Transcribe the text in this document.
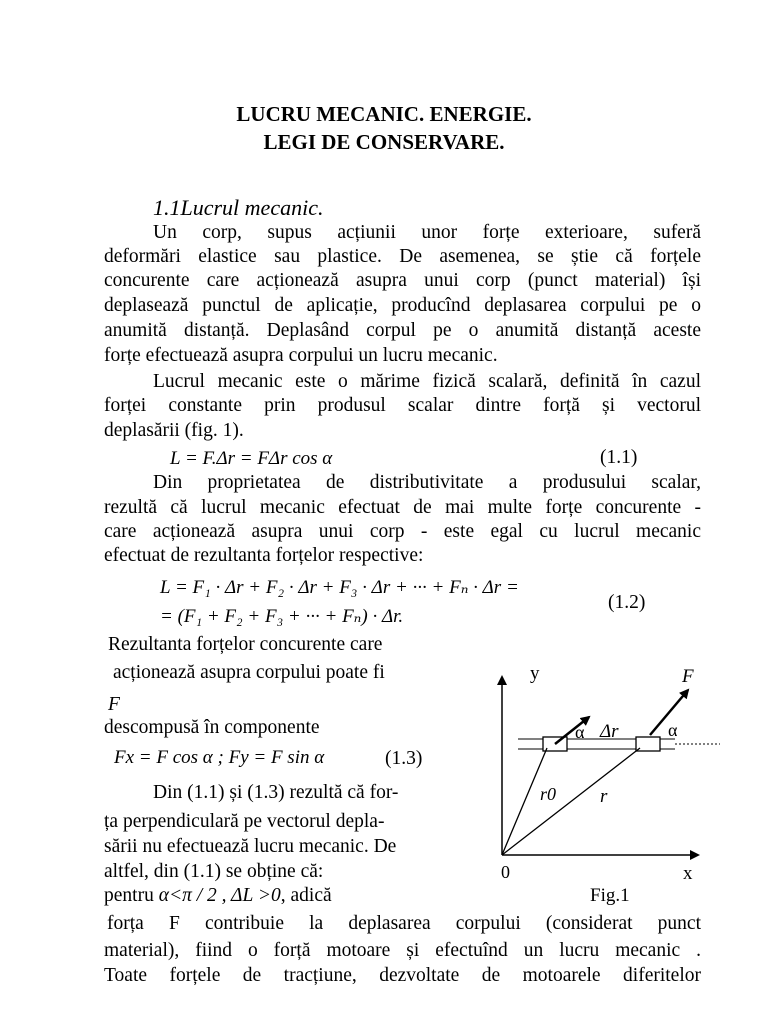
LUCRU MECANIC. ENERGIE.
LEGI DE CONSERVARE.
1.1Lucrul mecanic.
Un corp, supus acțiunii unor forțe exterioare, suferă
deformări elastice sau plastice. De asemenea, se știe că forțele
concurente care acționează asupra unui corp (punct material) își
deplasează punctul de aplicație, producînd deplasarea corpului pe o
anumită distanță. Deplasând corpul pe o anumită distanță aceste
forțe efectuează asupra corpului un lucru mecanic.
Lucrul mecanic este o mărime fizică scalară, definită în cazul
forței constante prin produsul scalar dintre forță și vectorul
deplasării (fig. 1).
L = F.Δr = FΔr cos α	(1.1)
Din proprietatea de distributivitate a produsului scalar,
rezultă că lucrul mecanic efectuat de mai multe forțe concurente -
care acționează asupra unui corp - este egal cu lucrul mecanic
efectuat de rezultanta forțelor respective:
L = F₁ · Δr + F₂ · Δr + F₃ · Δr + ··· + Fₙ · Δr =
= (F₁ + F₂ + F₃ + ··· + Fₙ) · Δr.
(1.2)
Rezultanta forțelor concurente care
acționează asupra corpului poate fi
F
descompusă în componente
Fx = F cos α ; Fy = F sin α	(1.3)
Din (1.1) și (1.3) rezultă că for-
ța perpendiculară pe vectorul depla-
sării nu efectuează lucru mecanic. De
altfel, din (1.1) se obține că:
pentru α<π / 2 , ΔL >0, adică
y
x
0
F
α Δr	α
r0 r
Fig.1
forța F contribuie la deplasarea corpului (considerat punct
material), fiind o forță motoare și efectuînd un lucru mecanic .
Toate forțele de tracțiune, dezvoltate de motoarele diferitelor
